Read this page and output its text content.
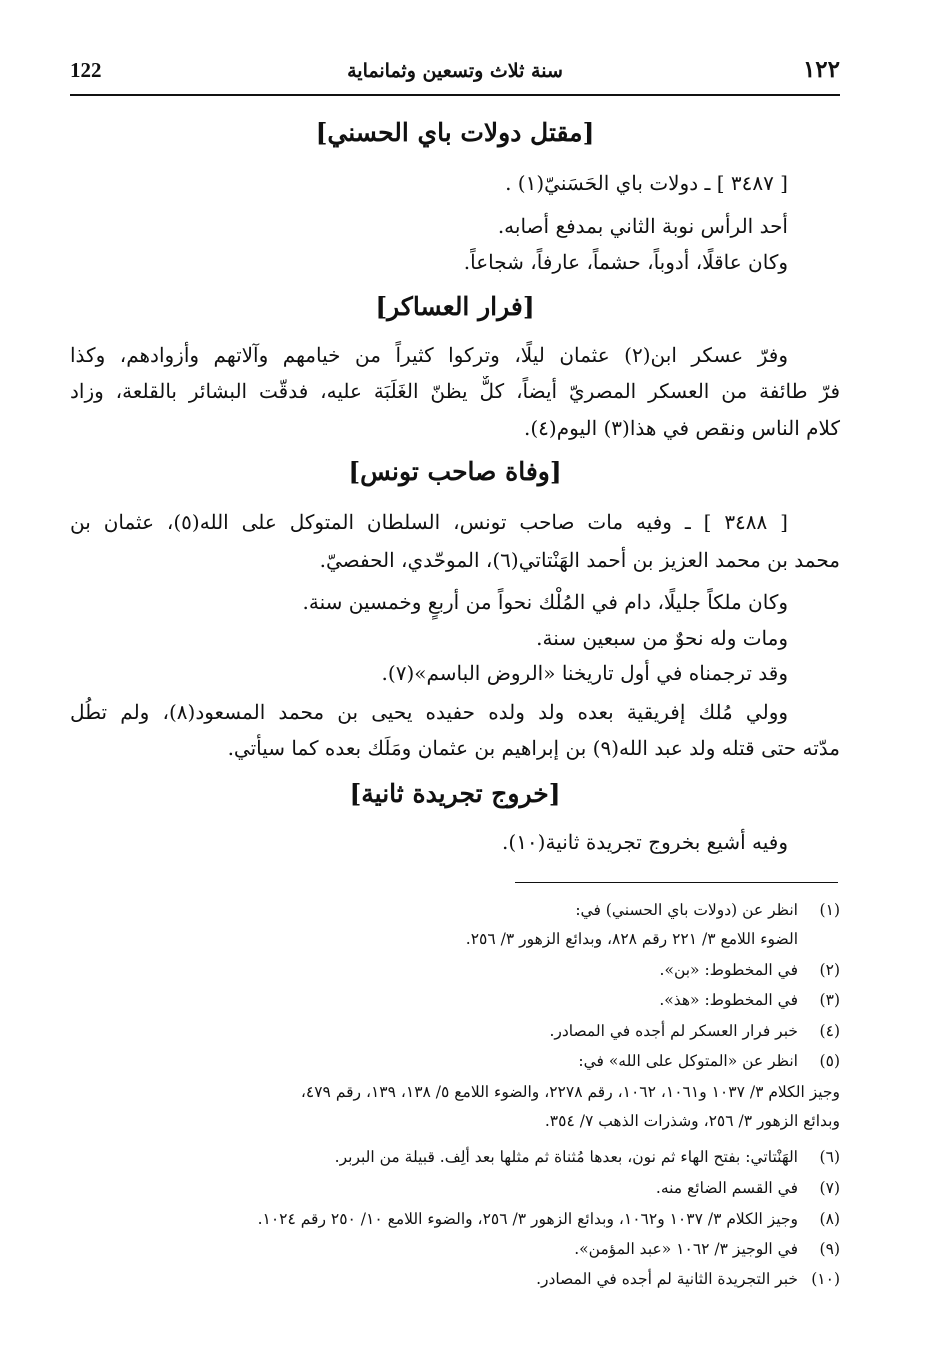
122	سنة ثلاث وتسعين وثمانماية	١٢٢
[مقتل دولات باي الحسني]
[ ٣٤٨٧ ] ـ دولات باي الحَسَنيّ(١) .
أحد الرأس نوبة الثاني بمدفع أصابه.
وكان عاقلًا، أدوباً، حشماً، عارفاً، شجاعاً.
[فرار العساكر]
وفرّ عسكر ابن(٢) عثمان ليلًا، وتركوا كثيراً من خيامهم وآلاتهم وأزوادهم، وكذا
فرّ طائفة من العسكر المصريّ أيضاً، كلٌّ يظنّ الغَلَبَة عليه، فدقّت البشائر بالقلعة، وزاد
كلام الناس ونقص في هذا(٣) اليوم(٤).
[وفاة صاحب تونس]
[ ٣٤٨٨ ] ـ وفيه مات صاحب تونس، السلطان المتوكل على الله(٥)، عثمان بن
محمد بن محمد العزيز بن أحمد الهَنْتاتي(٦)، الموحّدي، الحفصيّ.
وكان ملكاً جليلًا، دام في المُلْك نحواً من أربعٍ وخمسين سنة.
ومات وله نحوٌ من سبعين سنة.
وقد ترجمناه في أول تاريخنا «الروض الباسم»(٧).
وولي مُلك إفريقية بعده ولد ولده حفيده يحيى بن محمد المسعود(٨)، ولم تطُل
مدّته حتى قتله ولد عبد الله(٩) بن إبراهيم بن عثمان ومَلَك بعده كما سيأتي.
[خروج تجريدة ثانية]
وفيه أشيع بخروج تجريدة ثانية(١٠).
(١)انظر عن (دولات باي الحسني) في:
الضوء اللامع ٣/ ٢٢١ رقم ٨٢٨، وبدائع الزهور ٣/ ٢٥٦.
(٢)في المخطوط: «بن».
(٣)في المخطوط: «هذ».
(٤)خبر فرار العسكر لم أجده في المصادر.
(٥)انظر عن «المتوكل على الله» في:
وجيز الكلام ٣/ ١٠٣٧ و١٠٦١، ١٠٦٢، رقم ٢٢٧٨، والضوء اللامع ٥/ ١٣٨، ١٣٩، رقم ٤٧٩،
وبدائع الزهور ٣/ ٢٥٦، وشذرات الذهب ٧/ ٣٥٤.
(٦)الهَنْتاتي: بفتح الهاء ثم نون، بعدها مُثناة ثم مثلها بعد ألِف. قبيلة من البربر.
(٧)في القسم الضائع منه.
(٨)وجيز الكلام ٣/ ١٠٣٧ و١٠٦٢، وبدائع الزهور ٣/ ٢٥٦، والضوء اللامع ١٠/ ٢٥٠ رقم ١٠٢٤.
(٩)في الوجيز ٣/ ١٠٦٢ «عبد المؤمن».
(١٠)خبر التجريدة الثانية لم أجده في المصادر.
